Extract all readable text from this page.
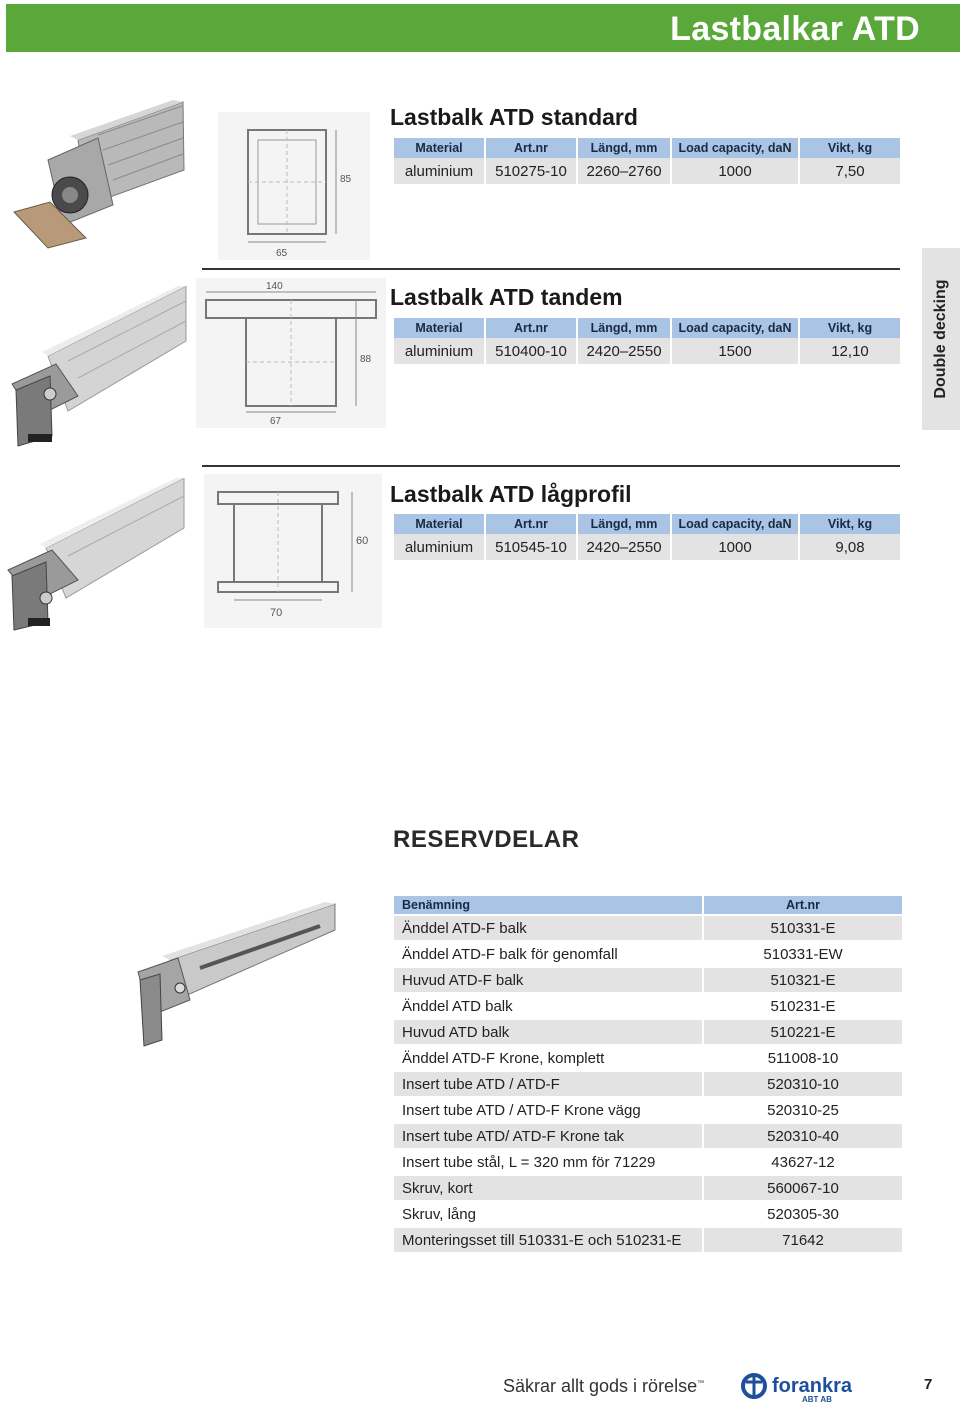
Lastbalkar ATD
Double decking
65
85
Lastbalk ATD standard
Material	Art.nr	Längd, mm	Load capacity, daN	Vikt, kg
aluminium	510275-10	2260–2760	1000	7,50
140
88
67
Lastbalk ATD tandem
Material	Art.nr	Längd, mm	Load capacity, daN	Vikt, kg
aluminium	510400-10	2420–2550	1500	12,10
60
70
Lastbalk ATD lågprofil
Material	Art.nr	Längd, mm	Load capacity, daN	Vikt, kg
aluminium	510545-10	2420–2550	1000	9,08
RESERVDELAR
Benämning	Art.nr
Änddel ATD-F balk	510331-E
Änddel ATD-F balk för genomfall	510331-EW
Huvud ATD-F balk	510321-E
Änddel ATD balk	510231-E
Huvud ATD balk	510221-E
Änddel ATD-F Krone, komplett	511008-10
Insert tube ATD / ATD-F	520310-10
Insert tube ATD / ATD-F Krone vägg	520310-25
Insert tube ATD/ ATD-F Krone tak	520310-40
Insert tube stål, L = 320 mm för 71229	43627-12
Skruv, kort	560067-10
Skruv, lång	520305-30
Monteringsset till 510331-E och 510231-E	71642
Säkrar allt gods i rörelse™	forankra
ABT AB
7
